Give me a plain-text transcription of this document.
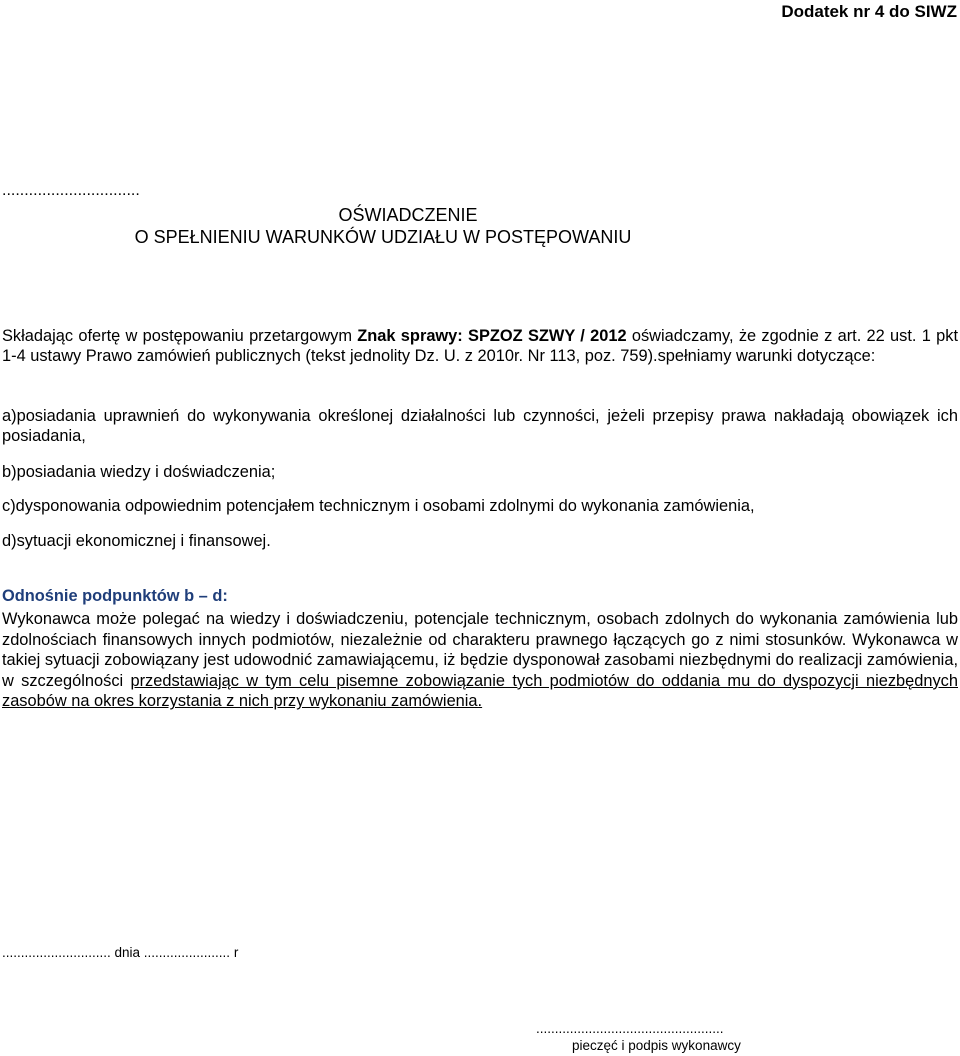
Dodatek nr 4 do SIWZ
...............................
OŚWIADCZENIE
O SPEŁNIENIU WARUNKÓW UDZIAŁU W POSTĘPOWANIU
Składając ofertę w postępowaniu przetargowym Znak sprawy: SPZOZ SZWY / 2012 oświadczamy, że zgodnie z art. 22 ust. 1 pkt 1-4 ustawy Prawo zamówień publicznych (tekst jednolity Dz. U. z 2010r. Nr 113, poz. 759).spełniamy warunki dotyczące:
a)posiadania uprawnień do wykonywania określonej działalności lub czynności, jeżeli przepisy prawa nakładają obowiązek ich posiadania,
b)posiadania wiedzy i doświadczenia;
c)dysponowania odpowiednim potencjałem technicznym i osobami zdolnymi do wykonania zamówienia,
d)sytuacji ekonomicznej i finansowej.
Odnośnie podpunktów b – d:
Wykonawca może polegać na wiedzy i doświadczeniu, potencjale technicznym, osobach zdolnych do wykonania zamówienia lub zdolnościach finansowych innych podmiotów, niezależnie od charakteru prawnego łączących go z nimi stosunków. Wykonawca w takiej sytuacji zobowiązany jest udowodnić zamawiającemu, iż będzie dysponował zasobami niezbędnymi do realizacji zamówienia, w szczególności przedstawiając w tym celu pisemne zobowiązanie tych podmiotów do oddania mu do dyspozycji niezbędnych zasobów na okres korzystania z nich przy wykonaniu zamówienia.
............................. dnia ....................... r
..................................................
pieczęć i podpis wykonawcy
